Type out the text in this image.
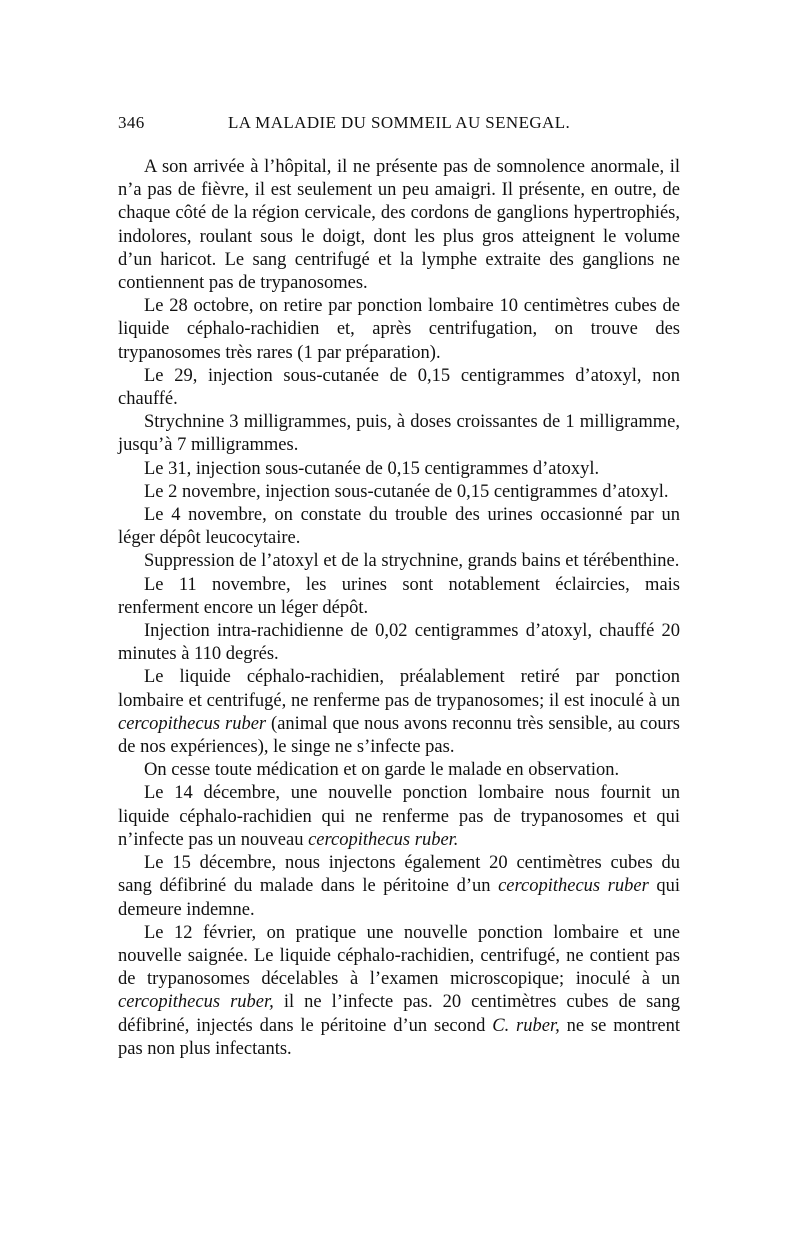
346	LA MALADIE DU SOMMEIL AU SENEGAL.

A son arrivée à l’hôpital, il ne présente pas de somnolence anormale, il n’a pas de fièvre, il est seulement un peu amaigri. Il présente, en outre, de chaque côté de la région cervicale, des cordons de ganglions hypertrophiés, indolores, roulant sous le doigt, dont les plus gros atteignent le volume d’un haricot. Le sang centrifugé et la lymphe extraite des ganglions ne contiennent pas de trypanosomes.

Le 28 octobre, on retire par ponction lombaire 10 centimètres cubes de liquide céphalo-rachidien et, après centrifugation, on trouve des trypanosomes très rares (1 par préparation).

Le 29, injection sous-cutanée de 0,15 centigrammes d’atoxyl, non chauffé.

Strychnine 3 milligrammes, puis, à doses croissantes de 1 milligramme, jusqu’à 7 milligrammes.

Le 31, injection sous-cutanée de 0,15 centigrammes d’atoxyl.

Le 2 novembre, injection sous-cutanée de 0,15 centigrammes d’atoxyl.

Le 4 novembre, on constate du trouble des urines occasionné par un léger dépôt leucocytaire.

Suppression de l’atoxyl et de la strychnine, grands bains et térébenthine.

Le 11 novembre, les urines sont notablement éclaircies, mais renferment encore un léger dépôt.

Injection intra-rachidienne de 0,02 centigrammes d’atoxyl, chauffé 20 minutes à 110 degrés.

Le liquide céphalo-rachidien, préalablement retiré par ponction lombaire et centrifugé, ne renferme pas de trypanosomes; il est inoculé à un cercopithecus ruber (animal que nous avons reconnu très sensible, au cours de nos expériences), le singe ne s’infecte pas.

On cesse toute médication et on garde le malade en observation.

Le 14 décembre, une nouvelle ponction lombaire nous fournit un liquide céphalo-rachidien qui ne renferme pas de trypanosomes et qui n’infecte pas un nouveau cercopithecus ruber.

Le 15 décembre, nous injectons également 20 centimètres cubes du sang défibriné du malade dans le péritoine d’un cercopithecus ruber qui demeure indemne.

Le 12 février, on pratique une nouvelle ponction lombaire et une nouvelle saignée. Le liquide céphalo-rachidien, centrifugé, ne contient pas de trypanosomes décelables à l’examen microscopique; inoculé à un cercopithecus ruber, il ne l’infecte pas. 20 centimètres cubes de sang défibriné, injectés dans le péritoine d’un second C. ruber, ne se montrent pas non plus infectants.
